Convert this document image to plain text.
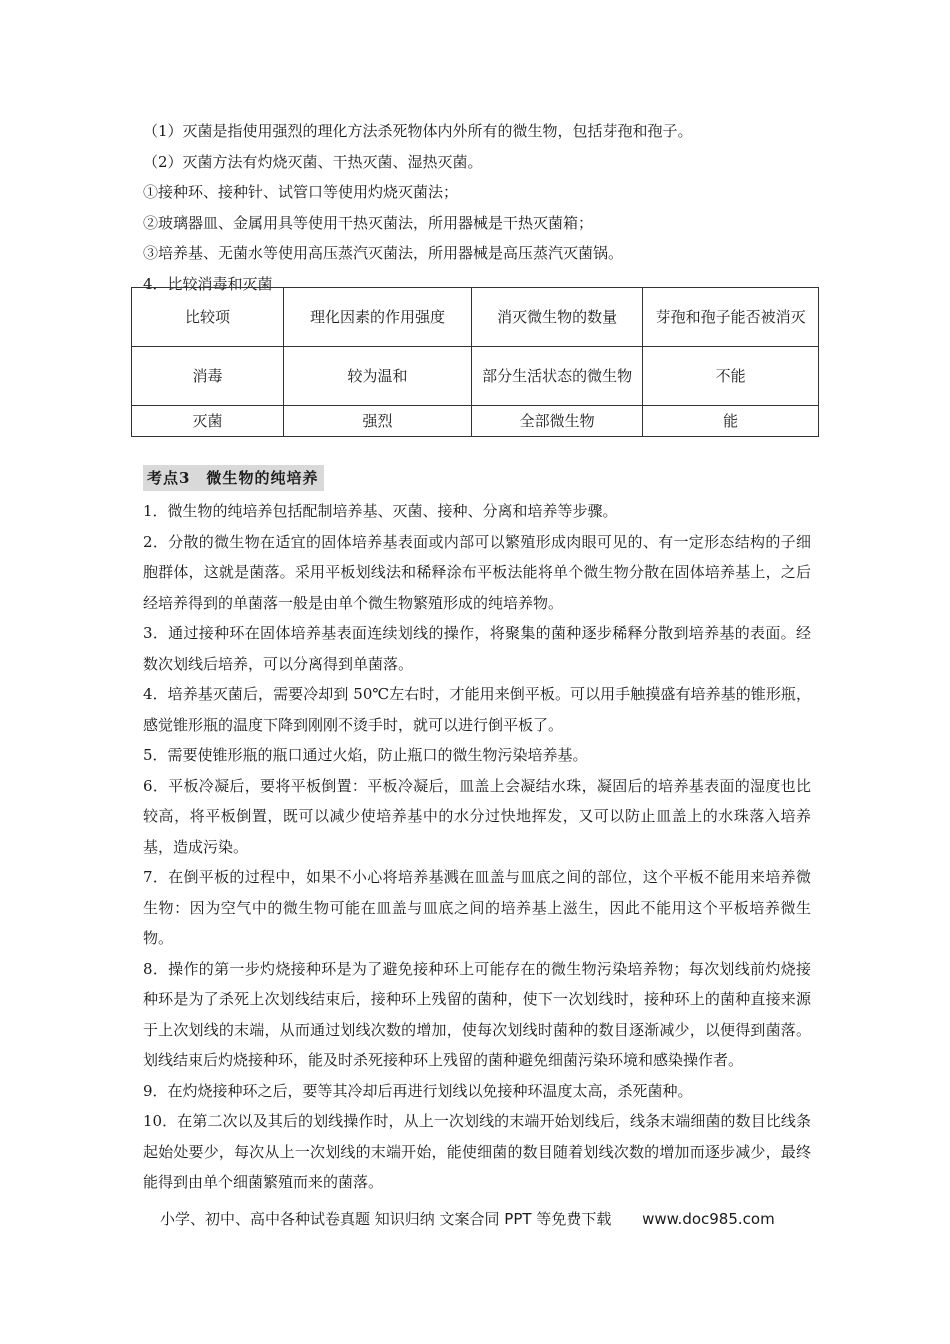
（1）灭菌是指使用强烈的理化方法杀死物体内外所有的微生物，包括芽孢和孢子。

（2）灭菌方法有灼烧灭菌、干热灭菌、湿热灭菌。

①接种环、接种针、试管口等使用灼烧灭菌法；

②玻璃器皿、金属用具等使用干热灭菌法，所用器械是干热灭菌箱；

③培养基、无菌水等使用高压蒸汽灭菌法，所用器械是高压蒸汽灭菌锅。

4．比较消毒和灭菌

比较项	理化因素的作用强度	消灭微生物的数量	芽孢和孢子能否被消灭
消毒	较为温和	部分生活状态的微生物	不能
灭菌	强烈	全部微生物	能
考点3　微生物的纯培养

1．微生物的纯培养包括配制培养基、灭菌、接种、分离和培养等步骤。

2．分散的微生物在适宜的固体培养基表面或内部可以繁殖形成肉眼可见的、有一定形态结构的子细胞群体，这就是菌落。采用平板划线法和稀释涂布平板法能将单个微生物分散在固体培养基上，之后经培养得到的单菌落一般是由单个微生物繁殖形成的纯培养物。

3．通过接种环在固体培养基表面连续划线的操作，将聚集的菌种逐步稀释分散到培养基的表面。经数次划线后培养，可以分离得到单菌落。

4．培养基灭菌后，需要冷却到 50℃左右时，才能用来倒平板。可以用手触摸盛有培养基的锥形瓶，感觉锥形瓶的温度下降到刚刚不烫手时，就可以进行倒平板了。

5．需要使锥形瓶的瓶口通过火焰，防止瓶口的微生物污染培养基。

6．平板冷凝后，要将平板倒置：平板冷凝后，皿盖上会凝结水珠，凝固后的培养基表面的湿度也比较高，将平板倒置，既可以减少使培养基中的水分过快地挥发，又可以防止皿盖上的水珠落入培养基，造成污染。

7．在倒平板的过程中，如果不小心将培养基溅在皿盖与皿底之间的部位，这个平板不能用来培养微生物：因为空气中的微生物可能在皿盖与皿底之间的培养基上滋生，因此不能用这个平板培养微生物。

8．操作的第一步灼烧接种环是为了避免接种环上可能存在的微生物污染培养物；每次划线前灼烧接种环是为了杀死上次划线结束后，接种环上残留的菌种，使下一次划线时，接种环上的菌种直接来源于上次划线的末端，从而通过划线次数的增加，使每次划线时菌种的数目逐渐减少，以便得到菌落。划线结束后灼烧接种环，能及时杀死接种环上残留的菌种避免细菌污染环境和感染操作者。

9．在灼烧接种环之后，要等其冷却后再进行划线以免接种环温度太高，杀死菌种。

10．在第二次以及其后的划线操作时，从上一次划线的末端开始划线后，线条末端细菌的数目比线条起始处要少，每次从上一次划线的末端开始，能使细菌的数目随着划线次数的增加而逐步减少，最终能得到由单个细菌繁殖而来的菌落。

小学、初中、高中各种试卷真题 知识归纳 文案合同 PPT 等免费下载 www.doc985.com
